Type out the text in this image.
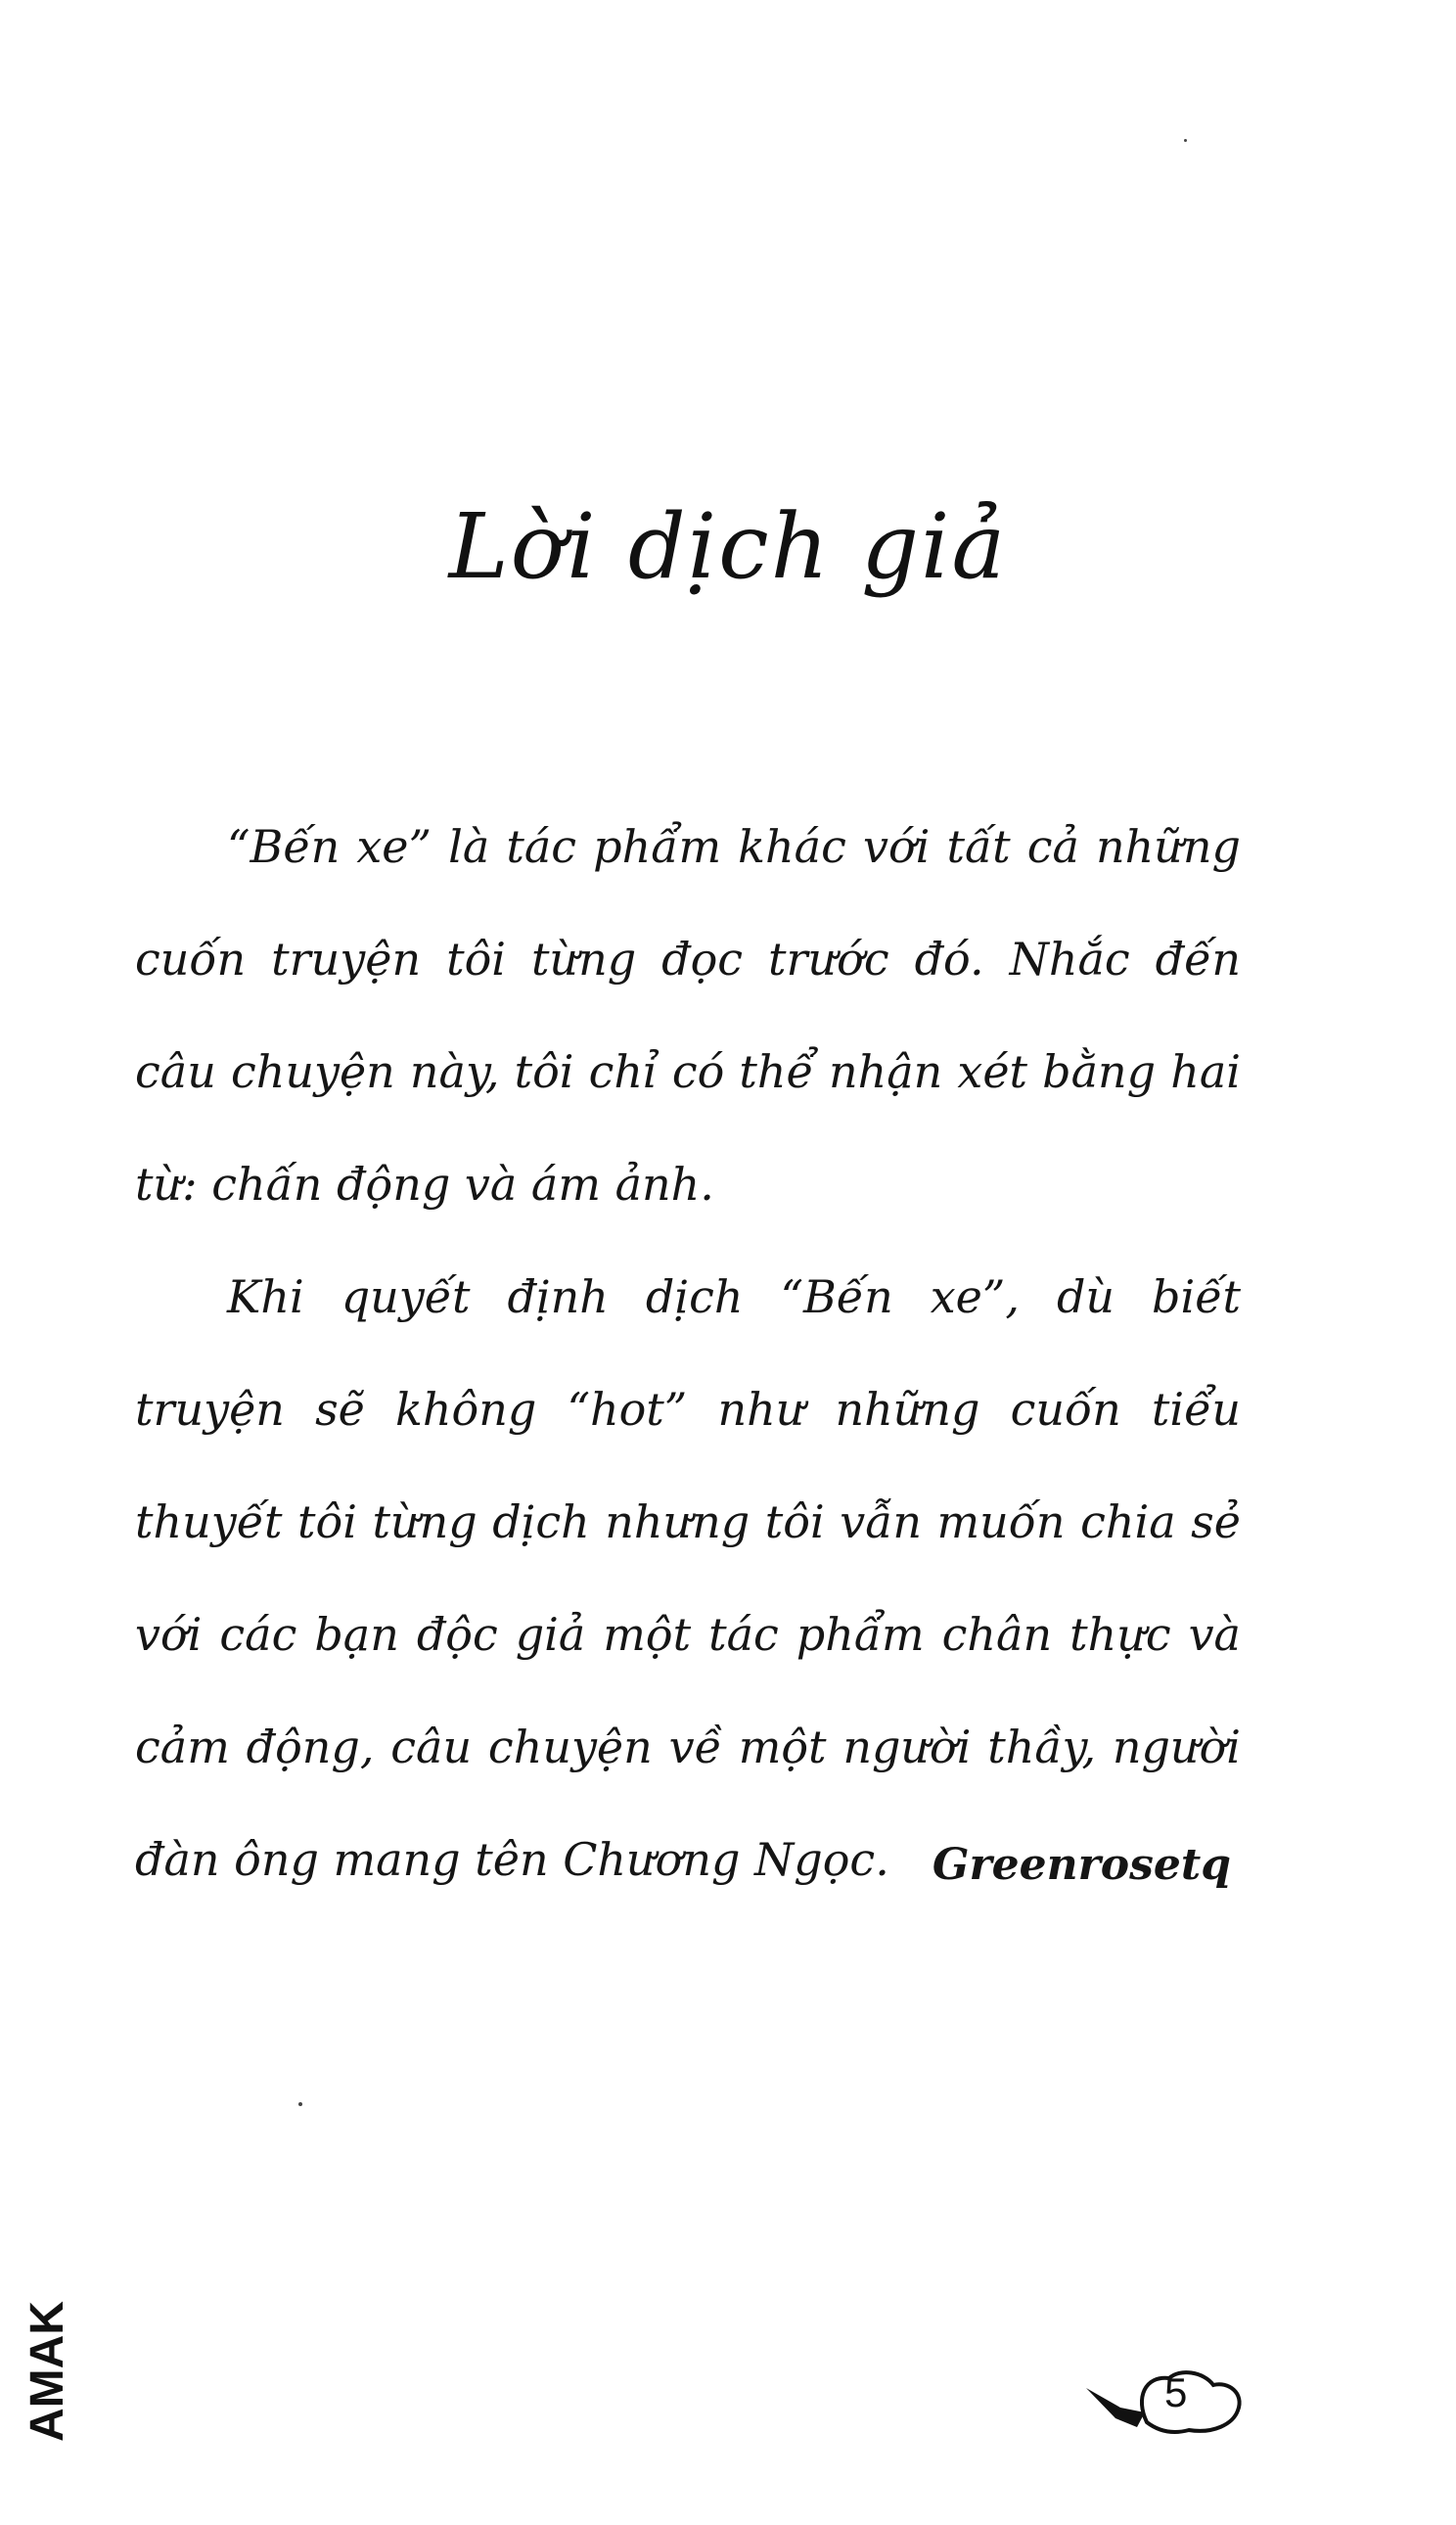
Lời dịch giả

“Bến xe” là tác phẩm khác với tất cả những cuốn truyện tôi từng đọc trước đó. Nhắc đến câu chuyện này, tôi chỉ có thể nhận xét bằng hai từ: chấn động và ám ảnh.

Khi quyết định dịch “Bến xe”, dù biết truyện sẽ không “hot” như những cuốn tiểu thuyết tôi từng dịch nhưng tôi vẫn muốn chia sẻ với các bạn độc giả một tác phẩm chân thực và cảm động, câu chuyện về một người thầy, người đàn ông mang tên Chương Ngọc.	Greenrosetq
AMAK	5
